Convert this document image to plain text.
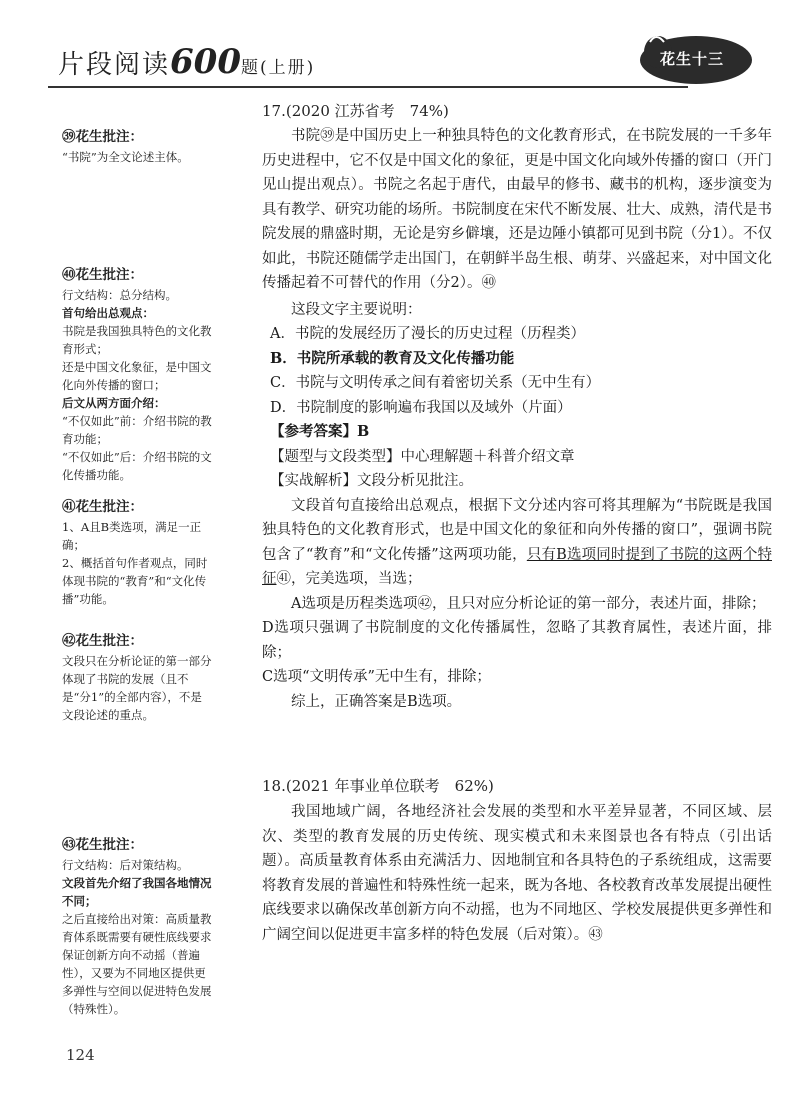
片段阅读600题(上册)	花生十三
17.(2020 江苏省考　74%)

书院㊴是中国历史上一种独具特色的文化教育形式，在书院发展的一千多年历史进程中，它不仅是中国文化的象征，更是中国文化向域外传播的窗口（开门见山提出观点）。书院之名起于唐代，由最早的修书、藏书的机构，逐步演变为具有教学、研究功能的场所。书院制度在宋代不断发展、壮大、成熟，清代是书院发展的鼎盛时期，无论是穷乡僻壤，还是边陲小镇都可见到书院（分1）。不仅如此，书院还随儒学走出国门，在朝鲜半岛生根、萌芽、兴盛起来，对中国文化传播起着不可替代的作用（分2）。㊵

这段文字主要说明：

A．书院的发展经历了漫长的历史过程（历程类）

B．书院所承载的教育及文化传播功能

C．书院与文明传承之间有着密切关系（无中生有）

D．书院制度的影响遍布我国以及域外（片面）

【参考答案】B

【题型与文段类型】中心理解题＋科普介绍文章

【实战解析】文段分析见批注。

文段首句直接给出总观点，根据下文分述内容可将其理解为“书院既是我国独具特色的文化教育形式，也是中国文化的象征和向外传播的窗口”，强调书院包含了“教育”和“文化传播”这两项功能，只有B选项同时提到了书院的这两个特征㊶，完美选项，当选；

A选项是历程类选项㊷，且只对应分析论证的第一部分，表述片面，排除；

D选项只强调了书院制度的文化传播属性，忽略了其教育属性，表述片面，排除；

C选项“文明传承”无中生有，排除；

综上，正确答案是B选项。

18.(2021 年事业单位联考　62%)

我国地域广阔，各地经济社会发展的类型和水平差异显著，不同区域、层次、类型的教育发展的历史传统、现实模式和未来图景也各有特点（引出话题）。高质量教育体系由充满活力、因地制宜和各具特色的子系统组成，这需要将教育发展的普遍性和特殊性统一起来，既为各地、各校教育改革发展提出硬性底线要求以确保改革创新方向不动摇，也为不同地区、学校发展提供更多弹性和广阔空间以促进更丰富多样的特色发展（后对策）。㊸

㊴花生批注：
“书院”为全文论述主体。
㊵花生批注：
行文结构：总分结构。
首句给出总观点：
书院是我国独具特色的文化教育形式；
还是中国文化象征，是中国文化向外传播的窗口；
后文从两方面介绍：
“不仅如此”前：介绍书院的教育功能；
“不仅如此”后：介绍书院的文化传播功能。
㊶花生批注：
1、A且B类选项，满足一正确；
2、概括首句作者观点，同时体现书院的“教育”和“文化传播”功能。
㊷花生批注：
文段只在分析论证的第一部分体现了书院的发展（且不是“分1”的全部内容），不是文段论述的重点。
㊸花生批注：
行文结构：后对策结构。
文段首先介绍了我国各地情况不同；
之后直接给出对策：高质量教育体系既需要有硬性底线要求保证创新方向不动摇（普遍性），又要为不同地区提供更多弹性与空间以促进特色发展（特殊性）。
124
